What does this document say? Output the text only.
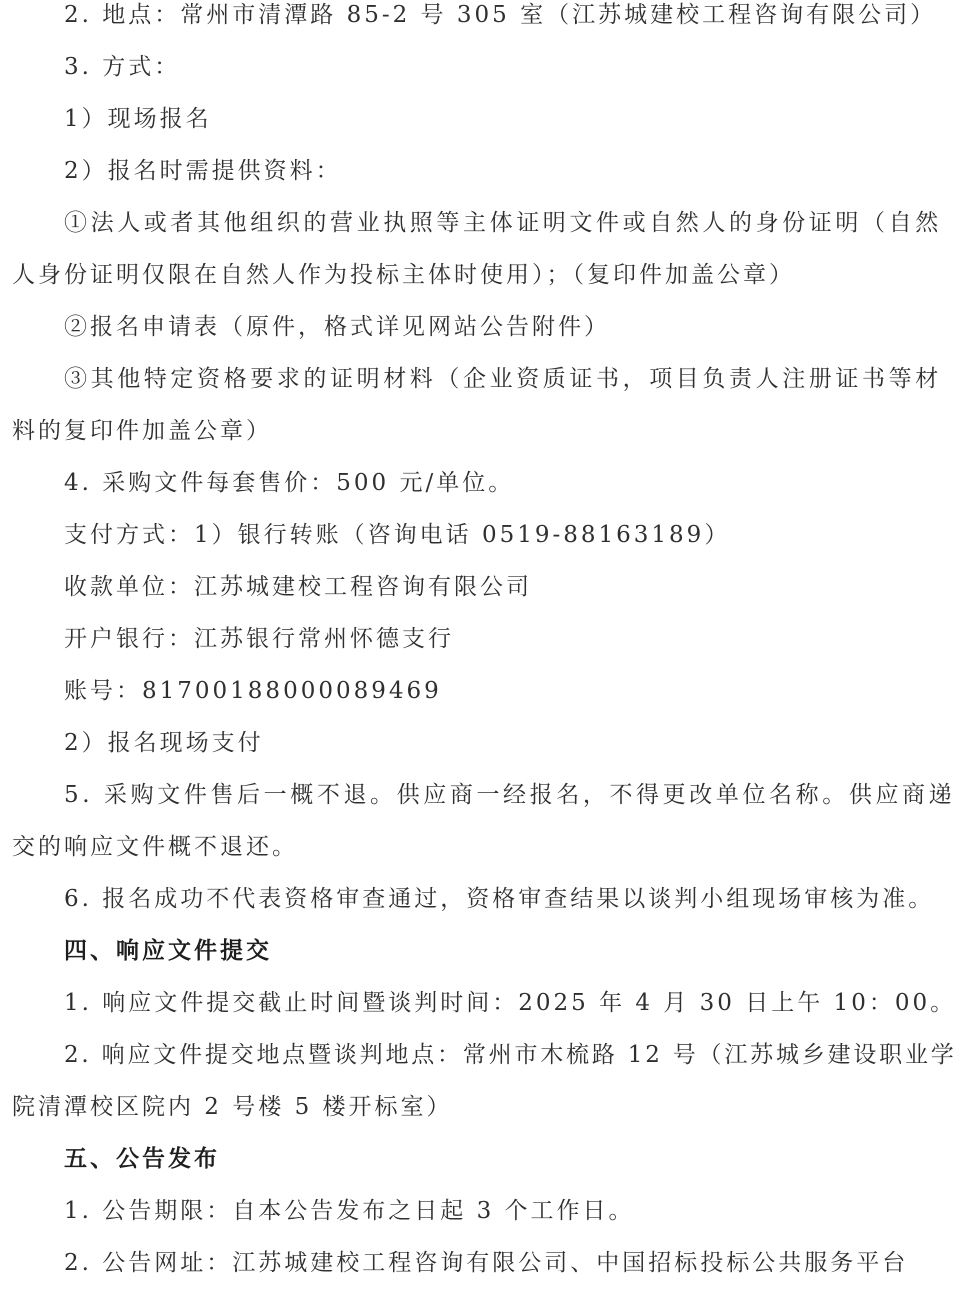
2. 地点：常州市清潭路 85-2 号 305 室（江苏城建校工程咨询有限公司）
3. 方式：
1）现场报名
2）报名时需提供资料：
①法人或者其他组织的营业执照等主体证明文件或自然人的身份证明（自然
人身份证明仅限在自然人作为投标主体时使用）；（复印件加盖公章）
②报名申请表（原件，格式详见网站公告附件）
③其他特定资格要求的证明材料（企业资质证书，项目负责人注册证书等材
料的复印件加盖公章）
4. 采购文件每套售价：500 元/单位。
支付方式：1）银行转账（咨询电话 0519-88163189）
收款单位：江苏城建校工程咨询有限公司
开户银行：江苏银行常州怀德支行
账号：81700188000089469
2）报名现场支付
5. 采购文件售后一概不退。供应商一经报名，不得更改单位名称。供应商递
交的响应文件概不退还。
6. 报名成功不代表资格审查通过，资格审查结果以谈判小组现场审核为准。
四、响应文件提交
1. 响应文件提交截止时间暨谈判时间：2025 年 4 月 30 日上午 10：00。
2. 响应文件提交地点暨谈判地点：常州市木梳路 12 号（江苏城乡建设职业学
院清潭校区院内 2 号楼 5 楼开标室）
五、公告发布
1. 公告期限：自本公告发布之日起 3 个工作日。
2. 公告网址：江苏城建校工程咨询有限公司、中国招标投标公共服务平台
